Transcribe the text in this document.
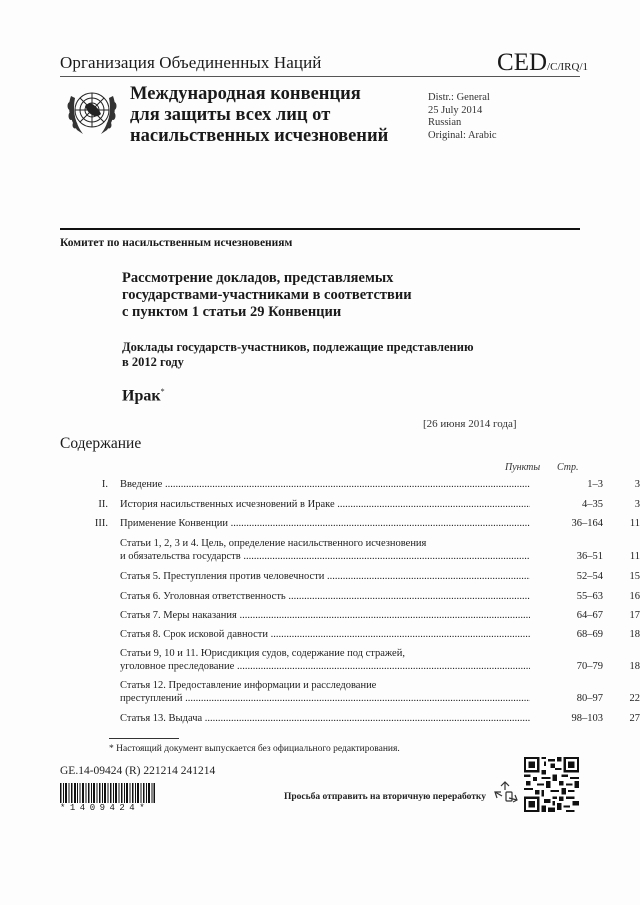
Организация Объединенных Наций	CED/C/IRQ/1
Международная конвенция
для защиты всех лиц от
насильственных исчезновений
Distr.: General
25 July 2014
Russian
Original: Arabic
Комитет по насильственным исчезновениям
Рассмотрение докладов, представляемых
государствами-участниками в соответствии
с пунктом 1 статьи 29 Конвенции
Доклады государств-участников, подлежащие представлению
в 2012 году
Ирак*
[26 июня 2014 года]
Содержание
Пункты Стр.
I. Введение .....	1–3	3
II. История насильственных исчезновений в Ираке .....	4–35	3
III. Применение Конвенции .....	36–164	11
Статьи 1, 2, 3 и 4. Цель, определение насильственного исчезновения
и обязательства государств .....	36–51	11
Статья 5. Преступления против человечности .....	52–54	15
Статья 6. Уголовная ответственность .....	55–63	16
Статья 7. Меры наказания .....	64–67	17
Статья 8. Срок исковой давности .....	68–69	18
Статьи 9, 10 и 11. Юрисдикция судов, содержание под стражей,
уголовное преследование .....	70–79	18
Статья 12. Предоставление информации и расследование
преступлений .....	80–97	22
Статья 13. Выдача .....	98–103	27
* Настоящий документ выпускается без официального редактирования.
GE.14-09424 (R) 221214 241214
*1409424*
Просьба отправить на вторичную переработку
